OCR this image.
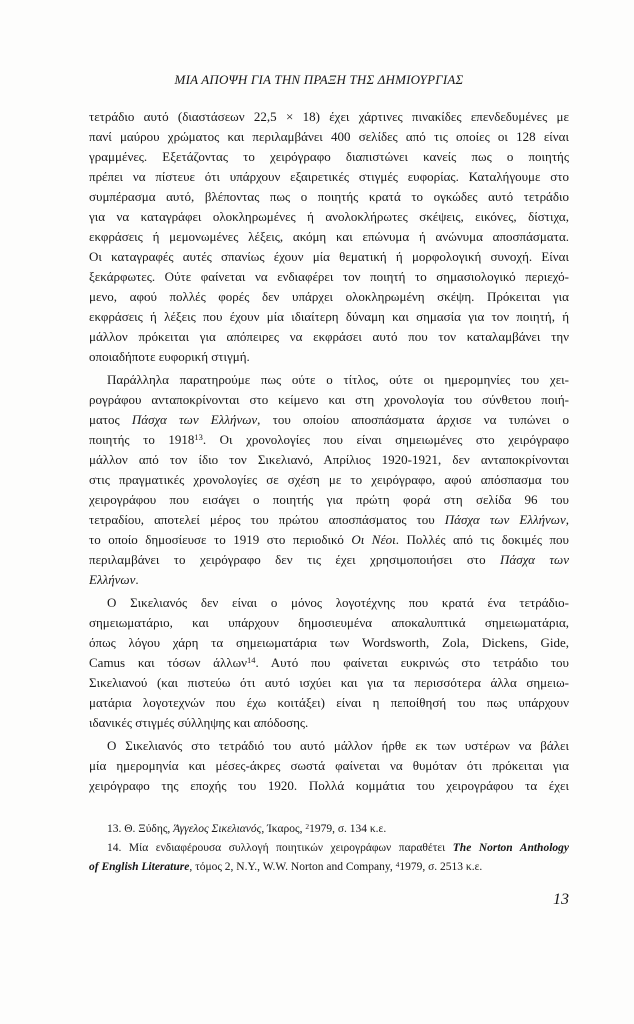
ΜΙΑ ΑΠΟΨΗ ΓΙΑ ΤΗΝ ΠΡΑΞΗ ΤΗΣ ΔΗΜΙΟΥΡΓΙΑΣ
τετράδιο αυτό (διαστάσεων 22,5 × 18) έχει χάρτινες πινακίδες επενδεδυμένες με
πανί μαύρου χρώματος και περιλαμβάνει 400 σελίδες από τις οποίες οι 128 είναι
γραμμένες. Εξετάζοντας το χειρόγραφο διαπιστώνει κανείς πως ο ποιητής
πρέπει να πίστευε ότι υπάρχουν εξαιρετικές στιγμές ευφορίας. Καταλήγουμε στο
συμπέρασμα αυτό, βλέποντας πως ο ποιητής κρατά το ογκώδες αυτό τετράδιο
για να καταγράφει ολοκληρωμένες ή ανολοκλήρωτες σκέψεις, εικόνες, δίστιχα,
εκφράσεις ή μεμονωμένες λέξεις, ακόμη και επώνυμα ή ανώνυμα αποσπάσματα.
Οι καταγραφές αυτές σπανίως έχουν μία θεματική ή μορφολογική συνοχή. Είναι
ξεκάρφωτες. Ούτε φαίνεται να ενδιαφέρει τον ποιητή το σημασιολογικό περιεχό-
μενο, αφού πολλές φορές δεν υπάρχει ολοκληρωμένη σκέψη. Πρόκειται για
εκφράσεις ή λέξεις που έχουν μία ιδιαίτερη δύναμη και σημασία για τον ποιητή, ή
μάλλον πρόκειται για απόπειρες να εκφράσει αυτό που τον καταλαμβάνει την
οποιαδήποτε ευφορική στιγμή.
Παράλληλα παρατηρούμε πως ούτε ο τίτλος, ούτε οι ημερομηνίες του χει-
ρογράφου ανταποκρίνονται στο κείμενο και στη χρονολογία του σύνθετου ποιή-
ματος Πάσχα των Ελλήνων, του οποίου αποσπάσματα άρχισε να τυπώνει ο
ποιητής το 1918$^{13}$. Οι χρονολογίες που είναι σημειωμένες στο χειρόγραφο
μάλλον από τον ίδιο τον Σικελιανό, Απρίλιος 1920-1921, δεν ανταποκρίνονται
στις πραγματικές χρονολογίες σε σχέση με το χειρόγραφο, αφού απόσπασμα του
χειρογράφου που εισάγει ο ποιητής για πρώτη φορά στη σελίδα 96 του
τετραδίου, αποτελεί μέρος του πρώτου αποσπάσματος του Πάσχα των Ελλήνων,
το οποίο δημοσίευσε το 1919 στο περιοδικό Οι Νέοι. Πολλές από τις δοκιμές που
περιλαμβάνει το χειρόγραφο δεν τις έχει χρησιμοποιήσει στο Πάσχα των
Ελλήνων.
Ο Σικελιανός δεν είναι ο μόνος λογοτέχνης που κρατά ένα τετράδιο-
σημειωματάριο, και υπάρχουν δημοσιευμένα αποκαλυπτικά σημειωματάρια,
όπως λόγου χάρη τα σημειωματάρια των Wordsworth, Zola, Dickens, Gide,
Camus και τόσων άλλων$^{14}$. Αυτό που φαίνεται ευκρινώς στο τετράδιο του
Σικελιανού (και πιστεύω ότι αυτό ισχύει και για τα περισσότερα άλλα σημειω-
ματάρια λογοτεχνών που έχω κοιτάξει) είναι η πεποίθησή του πως υπάρχουν
ιδανικές στιγμές σύλληψης και απόδοσης.
Ο Σικελιανός στο τετράδιό του αυτό μάλλον ήρθε εκ των υστέρων να βάλει
μία ημερομηνία και μέσες-άκρες σωστά φαίνεται να θυμόταν ότι πρόκειται για
χειρόγραφο της εποχής του 1920. Πολλά κομμάτια του χειρογράφου τα έχει
13. Θ. Ξύδης, Άγγελος Σικελιανός, Ίκαρος, $^2$1979, σ. 134 κ.ε.
14. Μία ενδιαφέρουσα συλλογή ποιητικών χειρογράφων παραθέτει The Norton Anthology
of English Literature, τόμος 2, N.Y., W.W. Norton and Company, $^4$1979, σ. 2513 κ.ε.
13
